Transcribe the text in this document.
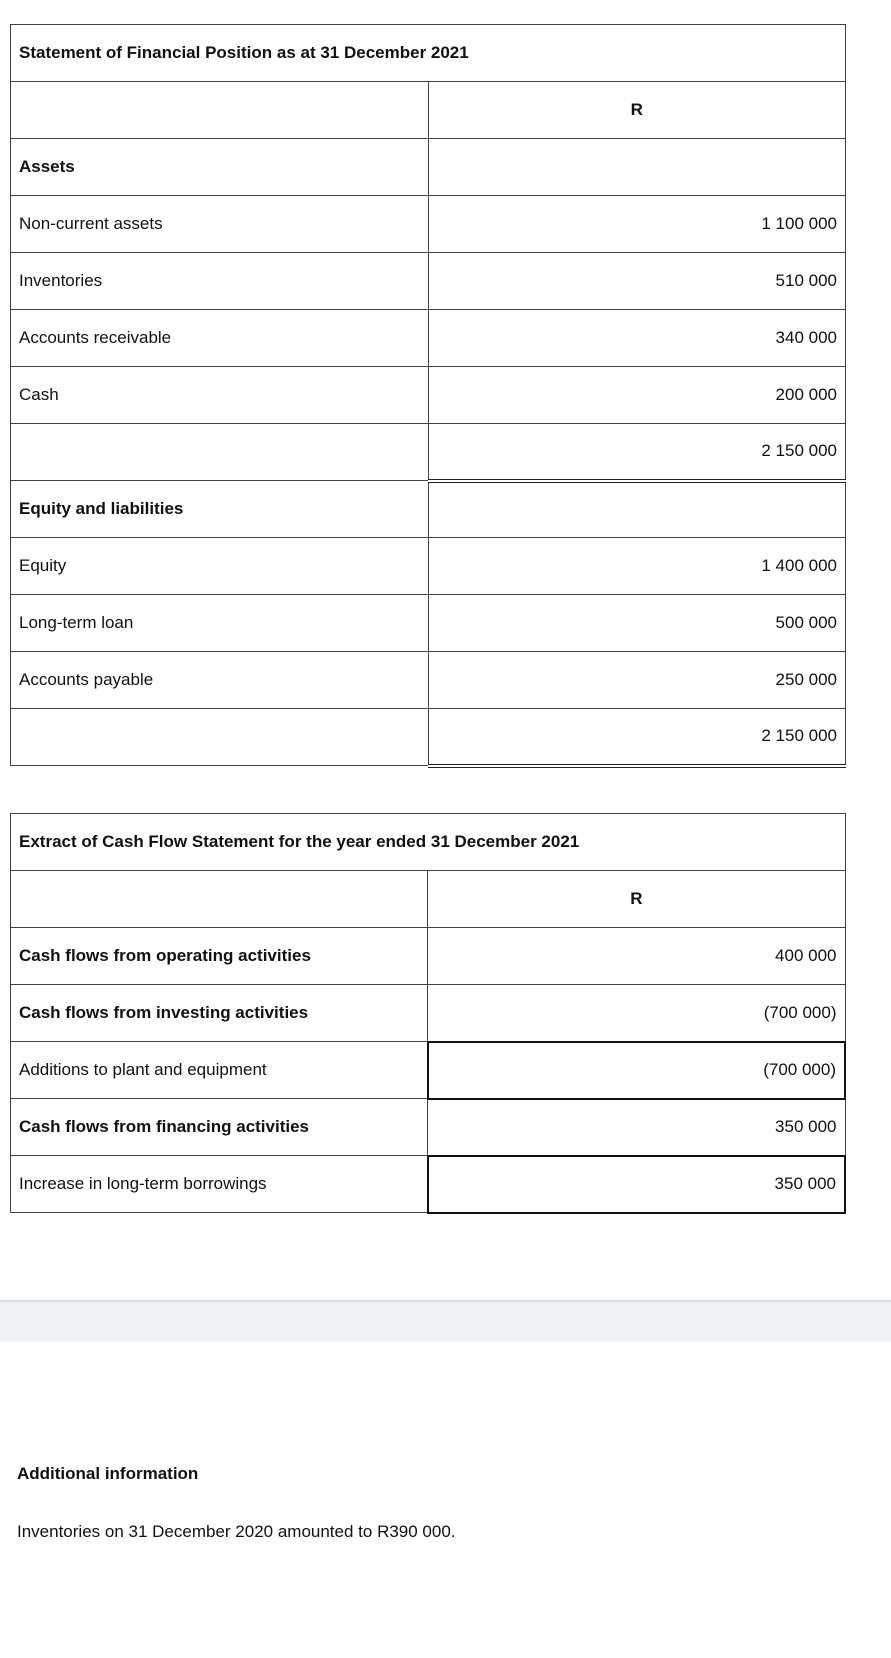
Statement of Financial Position as at 31 December 2021	
	R
Assets	
Non-current assets	1 100 000
Inventories	510 000
Accounts receivable	340 000
Cash	200 000
	2 150 000
Equity and liabilities	
Equity	1 400 000
Long-term loan	500 000
Accounts payable	250 000
	2 150 000
Extract of Cash Flow Statement for the year ended 31 December 2021	
	R
Cash flows from operating activities	400 000
Cash flows from investing activities	(700 000)
Additions to plant and equipment	(700 000)
Cash flows from financing activities	350 000
Increase in long-term borrowings	350 000
Additional information
Inventories on 31 December 2020 amounted to R390 000.
